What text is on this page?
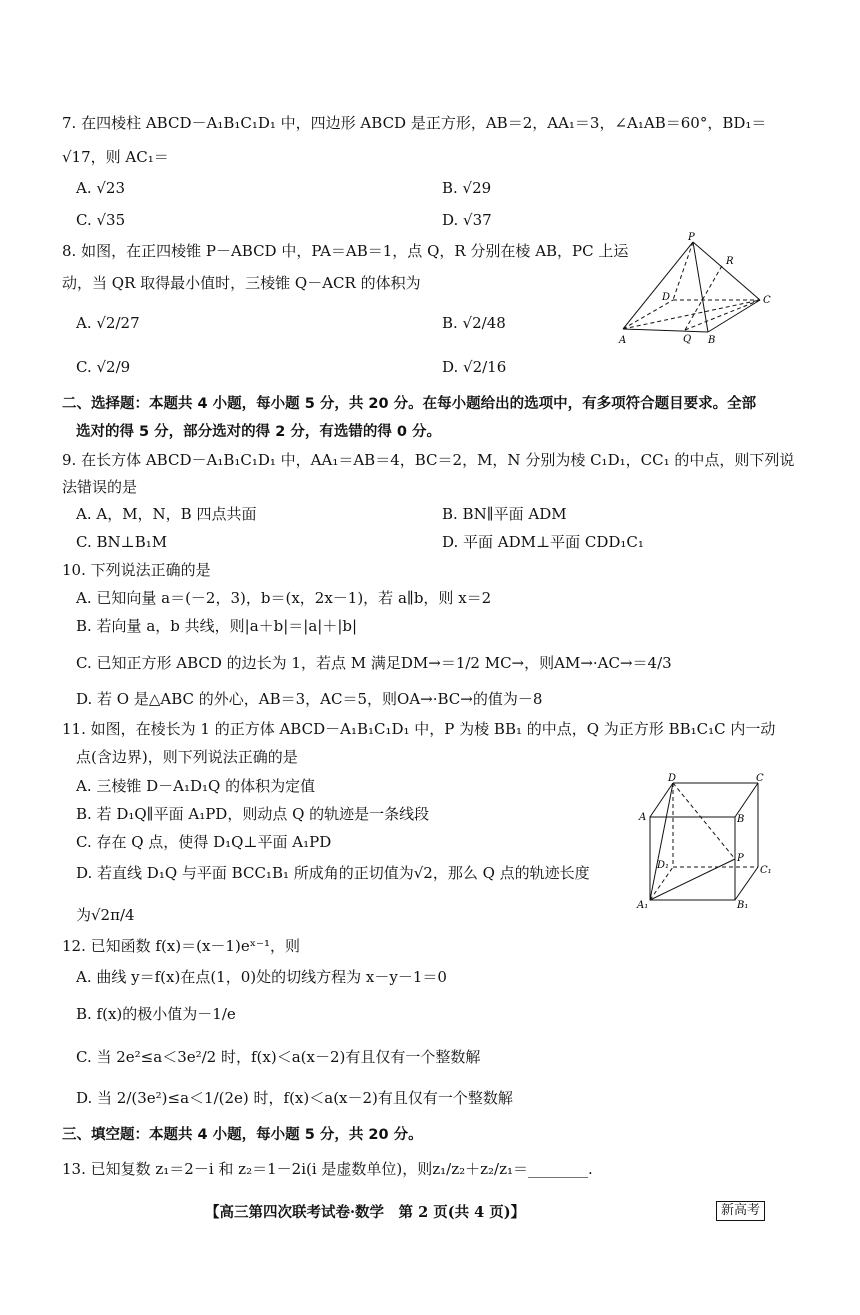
7. 在四棱柱 ABCD－A₁B₁C₁D₁ 中，四边形 ABCD 是正方形，AB＝2，AA₁＝3，∠A₁AB＝60°，BD₁＝
√17，则 AC₁＝
A. √23	B. √29
C. √35	D. √37
8. 如图，在正四棱锥 P－ABCD 中，PA＝AB＝1，点 Q，R 分别在棱 AB，PC 上运
动，当 QR 取得最小值时，三棱锥 Q－ACR 的体积为
A. √2/27	B. √2/48
C. √2/9	D. √2/16
P
R
D	C
A	Q B
二、选择题：本题共 4 小题，每小题 5 分，共 20 分。在每小题给出的选项中，有多项符合题目要求。全部
选对的得 5 分，部分选对的得 2 分，有选错的得 0 分。
9. 在长方体 ABCD－A₁B₁C₁D₁ 中，AA₁＝AB＝4，BC＝2，M，N 分别为棱 C₁D₁，CC₁ 的中点，则下列说
法错误的是
A. A，M，N，B 四点共面	B. BN∥平面 ADM
C. BN⊥B₁M	D. 平面 ADM⊥平面 CDD₁C₁
10. 下列说法正确的是
A. 已知向量 a＝(－2，3)，b＝(x，2x－1)，若 a∥b，则 x＝2
B. 若向量 a，b 共线，则|a＋b|＝|a|＋|b|
C. 已知正方形 ABCD 的边长为 1，若点 M 满足DM→＝1/2 MC→，则AM→·AC→＝4/3
D. 若 O 是△ABC 的外心，AB＝3，AC＝5，则OA→·BC→的值为－8
11. 如图，在棱长为 1 的正方体 ABCD－A₁B₁C₁D₁ 中，P 为棱 BB₁ 的中点，Q 为正方形 BB₁C₁C 内一动
点(含边界)，则下列说法正确的是
A. 三棱锥 D－A₁D₁Q 的体积为定值
B. 若 D₁Q∥平面 A₁PD，则动点 Q 的轨迹是一条线段
C. 存在 Q 点，使得 D₁Q⊥平面 A₁PD
D. 若直线 D₁Q 与平面 BCC₁B₁ 所成角的正切值为√2，那么 Q 点的轨迹长度
为√2π/4
D	C
A	B
D₁
P
C₁
A₁	B₁
12. 已知函数 f(x)＝(x－1)eˣ⁻¹，则
A. 曲线 y＝f(x)在点(1，0)处的切线方程为 x－y－1＝0
B. f(x)的极小值为－1/e
C. 当 2e²≤a＜3e²/2 时，f(x)＜a(x－2)有且仅有一个整数解
D. 当 2/(3e²)≤a＜1/(2e) 时，f(x)＜a(x－2)有且仅有一个整数解
三、填空题：本题共 4 小题，每小题 5 分，共 20 分。
13. 已知复数 z₁＝2－i 和 z₂＝1－2i(i 是虚数单位)，则z₁/z₂＋z₂/z₁＝________.
【高三第四次联考试卷·数学　第 2 页(共 4 页)】	新高考
